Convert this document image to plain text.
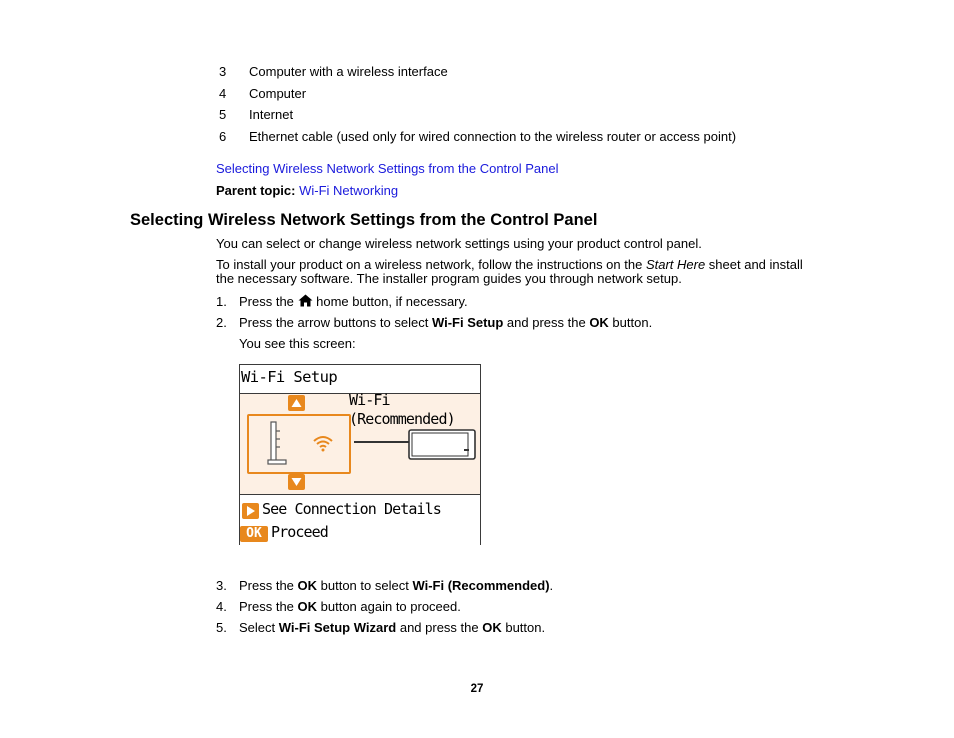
3 Computer with a wireless interface
4 Computer
5 Internet
6 Ethernet cable (used only for wired connection to the wireless router or access point)
Selecting Wireless Network Settings from the Control Panel
Parent topic: Wi-Fi Networking
Selecting Wireless Network Settings from the Control Panel
You can select or change wireless network settings using your product control panel.
To install your product on a wireless network, follow the instructions on the Start Here sheet and install
the necessary software. The installer program guides you through network setup.
1. Press the  home button, if necessary.
2. Press the arrow buttons to select Wi-Fi Setup and press the OK button.
You see this screen:
Wi-Fi Setup
Wi-Fi
(Recommended)
See Connection Details
OK Proceed
3. Press the OK button to select Wi-Fi (Recommended).
4. Press the OK button again to proceed.
5. Select Wi-Fi Setup Wizard and press the OK button.
27
